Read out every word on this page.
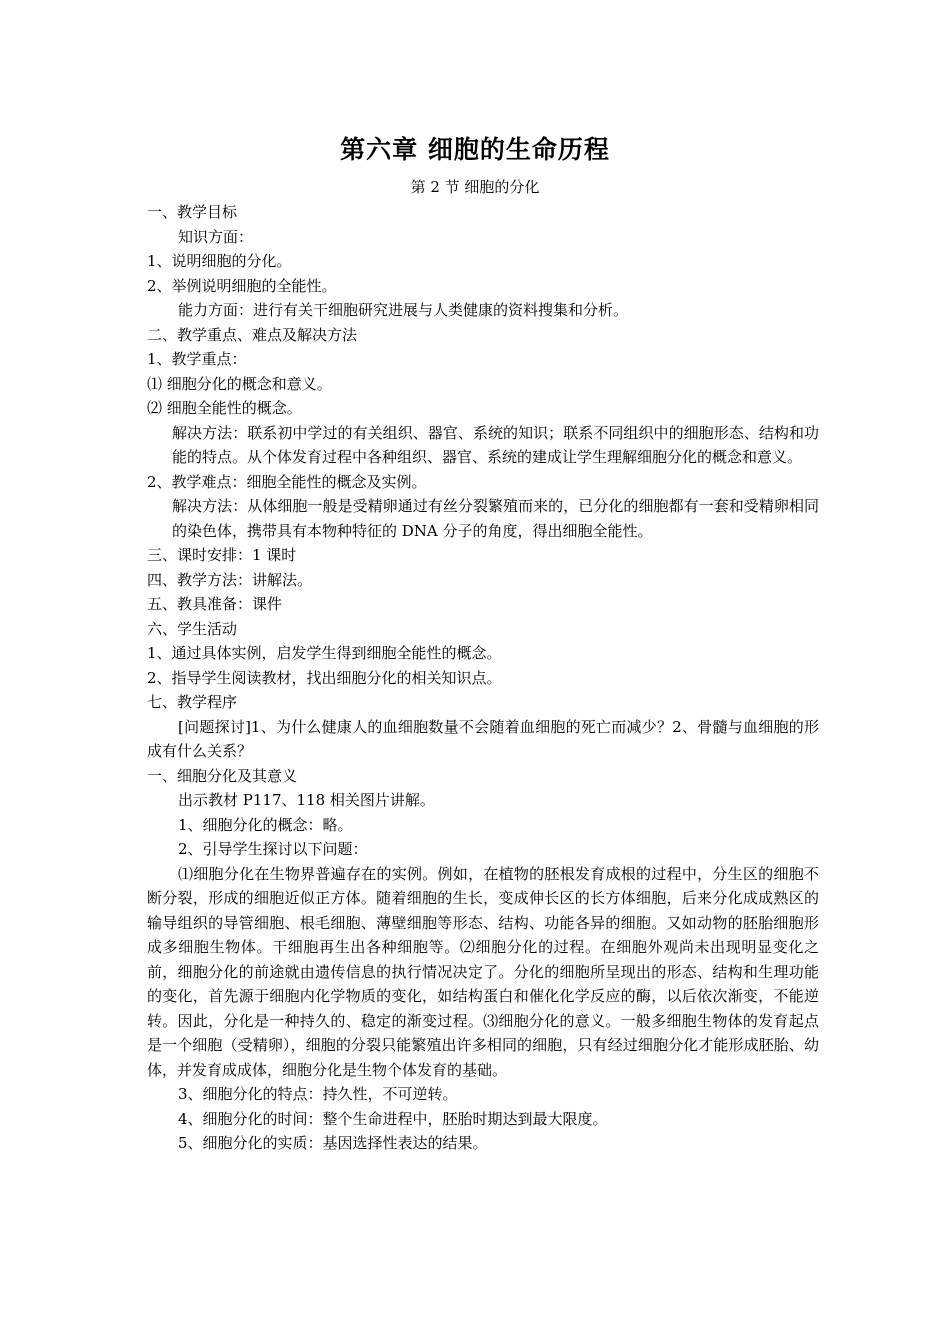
第六章 细胞的生命历程
第 2 节 细胞的分化

一、教学目标

知识方面：

1、说明细胞的分化。

2、举例说明细胞的全能性。

能力方面：进行有关干细胞研究进展与人类健康的资料搜集和分析。

二、教学重点、难点及解决方法

1、教学重点：

⑴ 细胞分化的概念和意义。

⑵ 细胞全能性的概念。

解决方法：联系初中学过的有关组织、器官、系统的知识；联系不同组织中的细胞形态、结构和功能的特点。从个体发育过程中各种组织、器官、系统的建成让学生理解细胞分化的概念和意义。

2、教学难点：细胞全能性的概念及实例。

解决方法：从体细胞一般是受精卵通过有丝分裂繁殖而来的，已分化的细胞都有一套和受精卵相同的染色体，携带具有本物种特征的 DNA 分子的角度，得出细胞全能性。

三、课时安排：1 课时

四、教学方法：讲解法。

五、教具准备：课件

六、学生活动

1、通过具体实例，启发学生得到细胞全能性的概念。

2、指导学生阅读教材，找出细胞分化的相关知识点。

七、教学程序

[问题探讨]1、为什么健康人的血细胞数量不会随着血细胞的死亡而减少？2、骨髓与血细胞的形成有什么关系？

一、细胞分化及其意义

出示教材 P117、118 相关图片讲解。

1、细胞分化的概念：略。

2、引导学生探讨以下问题：

⑴细胞分化在生物界普遍存在的实例。例如，在植物的胚根发育成根的过程中，分生区的细胞不断分裂，形成的细胞近似正方体。随着细胞的生长，变成伸长区的长方体细胞，后来分化成成熟区的输导组织的导管细胞、根毛细胞、薄壁细胞等形态、结构、功能各异的细胞。又如动物的胚胎细胞形成多细胞生物体。干细胞再生出各种细胞等。⑵细胞分化的过程。在细胞外观尚未出现明显变化之前，细胞分化的前途就由遗传信息的执行情况决定了。分化的细胞所呈现出的形态、结构和生理功能的变化，首先源于细胞内化学物质的变化，如结构蛋白和催化化学反应的酶，以后依次渐变，不能逆转。因此，分化是一种持久的、稳定的渐变过程。⑶细胞分化的意义。一般多细胞生物体的发育起点是一个细胞（受精卵），细胞的分裂只能繁殖出许多相同的细胞，只有经过细胞分化才能形成胚胎、幼体，并发育成成体，细胞分化是生物个体发育的基础。

3、细胞分化的特点：持久性，不可逆转。

4、细胞分化的时间：整个生命进程中，胚胎时期达到最大限度。

5、细胞分化的实质：基因选择性表达的结果。
